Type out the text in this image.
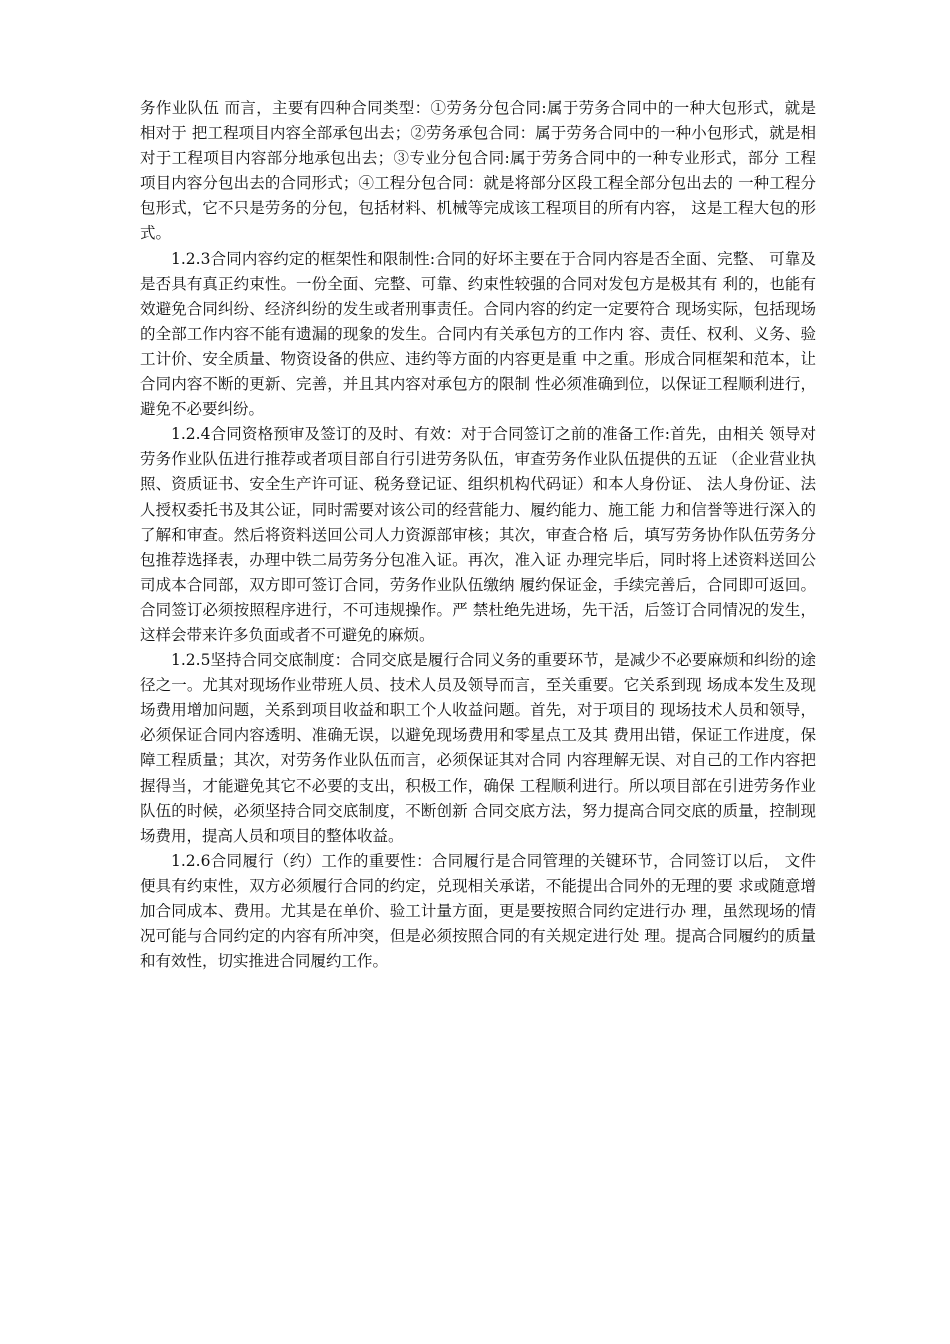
务作业队伍 而言，主要有四种合同类型：①劳务分包合同:属于劳务合同中的一种大包形式，就是相对于 把工程项目内容全部承包出去；②劳务承包合同：属于劳务合同中的一种小包形式，就是相 对于工程项目内容部分地承包出去；③专业分包合同:属于劳务合同中的一种专业形式，部分 工程项目内容分包出去的合同形式；④工程分包合同：就是将部分区段工程全部分包出去的 一种工程分包形式，它不只是劳务的分包，包括材料、机械等完成该工程项目的所有内容， 这是工程大包的形式。

1.2.3合同内容约定的框架性和限制性:合同的好坏主要在于合同内容是否全面、完整、 可靠及是否具有真正约束性。一份全面、完整、可靠、约束性较强的合同对发包方是极其有 利的，也能有效避免合同纠纷、经济纠纷的发生或者刑事责任。合同内容的约定一定要符合 现场实际，包括现场的全部工作内容不能有遗漏的现象的发生。合同内有关承包方的工作内 容、责任、权利、义务、验工计价、安全质量、物资设备的供应、违约等方面的内容更是重 中之重。形成合同框架和范本，让合同内容不断的更新、完善，并且其内容对承包方的限制 性必须准确到位，以保证工程顺利进行，避免不必要纠纷。

1.2.4合同资格预审及签订的及时、有效：对于合同签订之前的准备工作:首先，由相关 领导对劳务作业队伍进行推荐或者项目部自行引进劳务队伍，审查劳务作业队伍提供的五证 （企业营业执照、资质证书、安全生产许可证、税务登记证、组织机构代码证）和本人身份证、 法人身份证、法人授权委托书及其公证，同时需要对该公司的经营能力、履约能力、施工能 力和信誉等进行深入的了解和审查。然后将资料送回公司人力资源部审核；其次，审查合格 后，填写劳务协作队伍劳务分包推荐选择表，办理中铁二局劳务分包准入证。再次，准入证 办理完毕后，同时将上述资料送回公司成本合同部，双方即可签订合同，劳务作业队伍缴纳 履约保证金，手续完善后，合同即可返回。合同签订必须按照程序进行，不可违规操作。严 禁杜绝先进场，先干活，后签订合同情况的发生，这样会带来许多负面或者不可避免的麻烦。

1.2.5坚持合同交底制度：合同交底是履行合同义务的重要环节，是减少不必要麻烦和纠纷的途径之一。尤其对现场作业带班人员、技术人员及领导而言，至关重要。它关系到现 场成本发生及现场费用增加问题，关系到项目收益和职工个人收益问题。首先，对于项目的 现场技术人员和领导，必须保证合同内容透明、准确无误，以避免现场费用和零星点工及其 费用出错，保证工作进度，保障工程质量；其次，对劳务作业队伍而言，必须保证其对合同 内容理解无误、对自己的工作内容把握得当，才能避免其它不必要的支出，积极工作，确保 工程顺利进行。所以项目部在引进劳务作业队伍的时候，必须坚持合同交底制度，不断创新 合同交底方法，努力提高合同交底的质量，控制现场费用，提高人员和项目的整体收益。

1.2.6合同履行（约）工作的重要性：合同履行是合同管理的关键环节，合同签订以后， 文件便具有约束性，双方必须履行合同的约定，兑现相关承诺，不能提出合同外的无理的要 求或随意增加合同成本、费用。尤其是在单价、验工计量方面，更是要按照合同约定进行办 理，虽然现场的情况可能与合同约定的内容有所冲突，但是必须按照合同的有关规定进行处 理。提高合同履约的质量和有效性，切实推进合同履约工作。
